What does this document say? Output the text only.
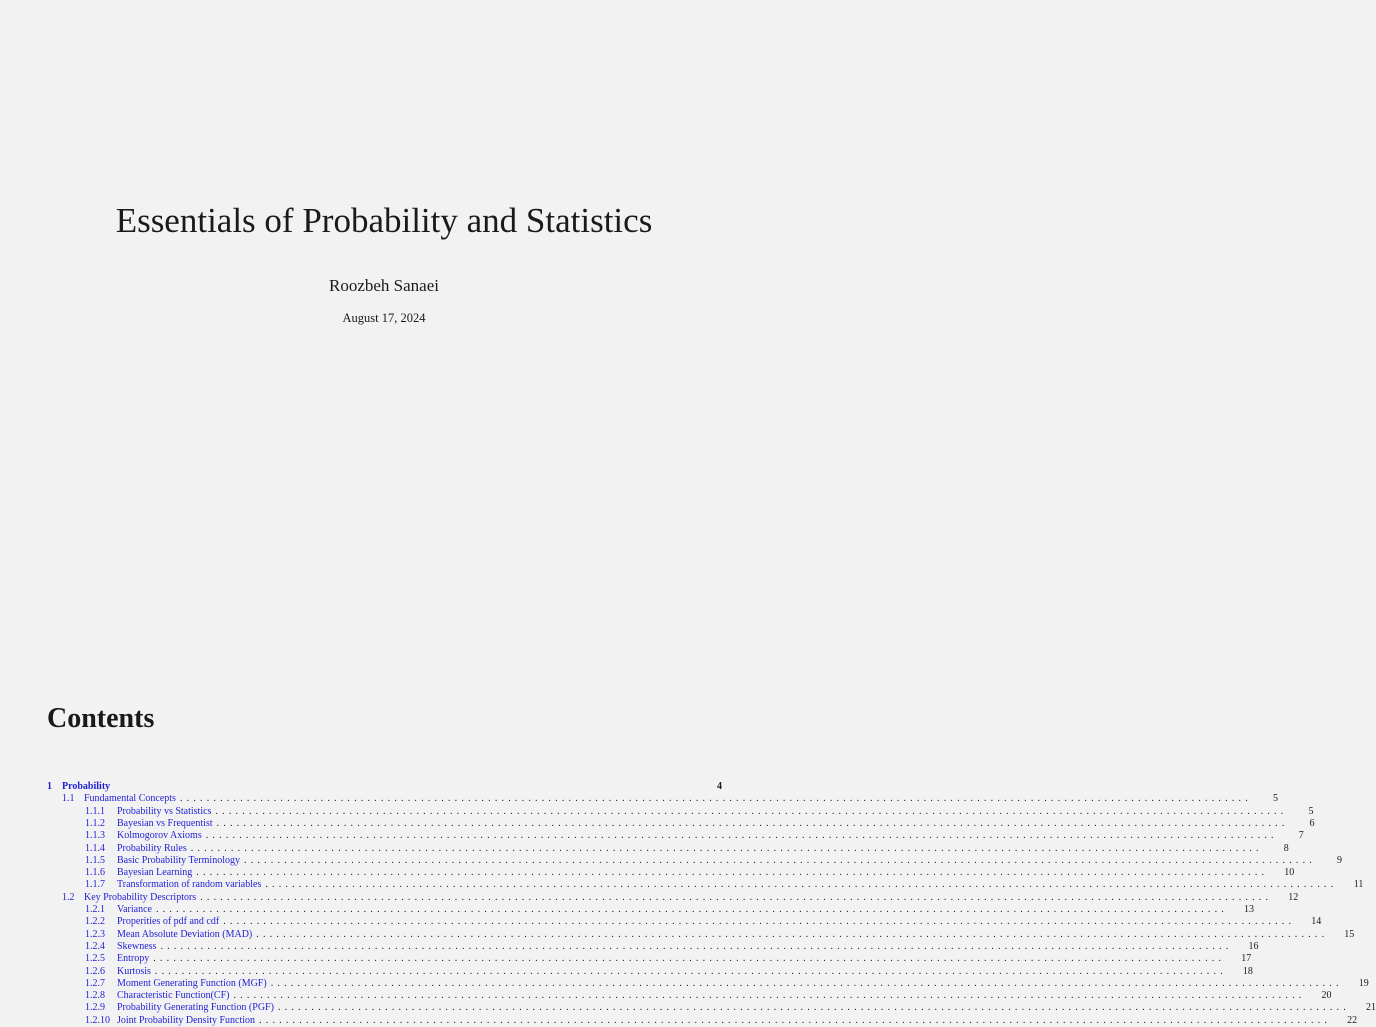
Essentials of Probability and Statistics
Roozbeh Sanaei
August 17, 2024
Contents
1	Probability	4
1.1 Fundamental Concepts ................................................................................................................................................................	5
1.1.1	Probability vs Statistics ................................................................................................................................................................	5
1.1.2	Bayesian vs Frequentist ................................................................................................................................................................	6
1.1.3	Kolmogorov Axioms ................................................................................................................................................................	7
1.1.4	Probability Rules ................................................................................................................................................................	8
1.1.5	Basic Probability Terminology ................................................................................................................................................................	9
1.1.6	Bayesian Learning ................................................................................................................................................................	10
1.1.7	Transformation of random variables ................................................................................................................................................................	11
1.2 Key Probability Descriptors ................................................................................................................................................................	12
1.2.1	Variance ................................................................................................................................................................	13
1.2.2	Properities of pdf and cdf ................................................................................................................................................................	14
1.2.3	Mean Absolute Deviation (MAD) ................................................................................................................................................................	15
1.2.4	Skewness ................................................................................................................................................................	16
1.2.5	Entropy ................................................................................................................................................................	17
1.2.6	Kurtosis ................................................................................................................................................................	18
1.2.7	Moment Generating Function (MGF) ................................................................................................................................................................	19
1.2.8	Characteristic Function(CF) ................................................................................................................................................................	20
1.2.9	Probability Generating Function (PGF) ................................................................................................................................................................	21
1.2.10 Joint Probability Density Function ................................................................................................................................................................	22
